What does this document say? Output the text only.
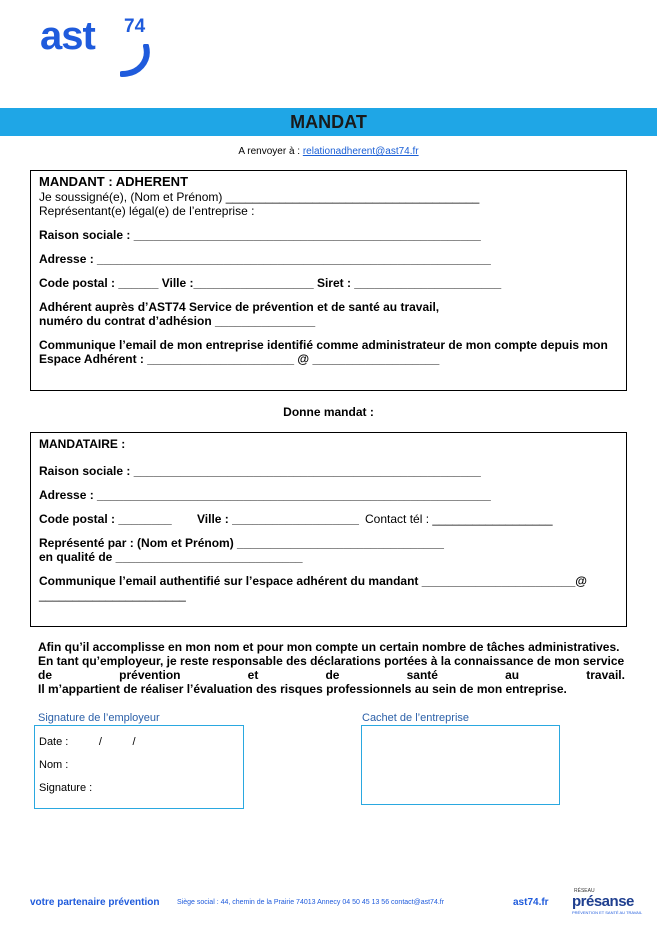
ast 74
MANDAT
A renvoyer à : relationadherent@ast74.fr
MANDANT : ADHERENT
Je soussigné(e), (Nom et Prénom) ______________________________________
Représentant(e) légal(e) de l’entreprise :
Raison sociale : ____________________________________________________
Adresse : ___________________________________________________________
Code postal : ______ Ville :__________________ Siret : ______________________
Adhérent auprès d’AST74 Service de prévention et de santé au travail,
numéro du contrat d’adhésion _______________
Communique l’email de mon entreprise identifié comme administrateur de mon compte depuis mon
Espace Adhérent : ______________________ @ ___________________
Donne mandat :
MANDATAIRE :
Raison sociale : ____________________________________________________
Adresse : ___________________________________________________________
Code postal : ________ Ville : ___________________ Contact tél : __________________
Représenté par : (Nom et Prénom) _______________________________
en qualité de ____________________________
Communique l’email authentifié sur l’espace adhérent du mandant _______________________@
______________________
Afin qu’il accomplisse en mon nom et pour mon compte un certain nombre de tâches administratives.
En tant qu’employeur, je reste responsable des déclarations portées à la connaissance de mon service
de	prévention	et	de	santé	au	travail.
Il m’appartient de réaliser l’évaluation des risques professionnels au sein de mon entreprise.
Signature de l’employeur
Date :          /          /
Nom :
Signature :
Cachet de l’entreprise
votre partenaire prévention	Siège social : 44, chemin de la Prairie 74013 Annecy 04 50 45 13 56 contact@ast74.fr	ast74.fr
RÉSEAU
présanse
PRÉVENTION ET SANTÉ AU TRAVAIL
